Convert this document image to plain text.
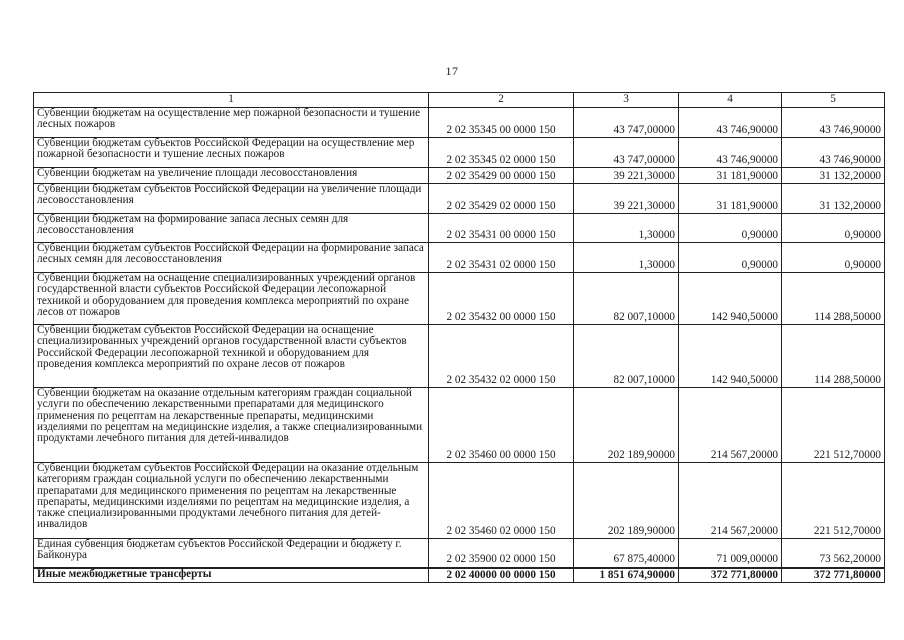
17
1	2	3	4	5
Субвенции бюджетам на осуществление мер пожарной безопасности и тушение лесных пожаров	2 02 35345 00 0000 150	43 747,00000	43 746,90000	43 746,90000
Субвенции бюджетам субъектов Российской Федерации на осуществление мер пожарной безопасности и тушение лесных пожаров	2 02 35345 02 0000 150	43 747,00000	43 746,90000	43 746,90000
Субвенции бюджетам на увеличение площади лесовосстановления	2 02 35429 00 0000 150	39 221,30000	31 181,90000	31 132,20000
Субвенции бюджетам субъектов Российской Федерации на увеличение площади лесовосстановления	2 02 35429 02 0000 150	39 221,30000	31 181,90000	31 132,20000
Субвенции бюджетам на формирование запаса лесных семян для лесовосстановления	2 02 35431 00 0000 150	1,30000	0,90000	0,90000
Субвенции бюджетам субъектов Российской Федерации на формирование запаса лесных семян для лесовосстановления	2 02 35431 02 0000 150	1,30000	0,90000	0,90000
Субвенции бюджетам на оснащение специализированных учреждений органов государственной власти субъектов Российской Федерации лесопожарной техникой и оборудованием для проведения комплекса мероприятий по охране лесов от пожаров	2 02 35432 00 0000 150	82 007,10000	142 940,50000	114 288,50000
Субвенции бюджетам субъектов Российской Федерации на оснащение специализированных учреждений органов государственной власти субъектов Российской Федерации лесопожарной техникой и оборудованием для проведения комплекса мероприятий по охране лесов от пожаров	2 02 35432 02 0000 150	82 007,10000	142 940,50000	114 288,50000
Субвенции бюджетам на оказание отдельным категориям граждан социальной услуги по обеспечению лекарственными препаратами для медицинского применения по рецептам на лекарственные препараты, медицинскими изделиями по рецептам на медицинские изделия, а также специализированными продуктами лечебного питания для детей-инвалидов	2 02 35460 00 0000 150	202 189,90000	214 567,20000	221 512,70000
Субвенции бюджетам субъектов Российской Федерации на оказание отдельным категориям граждан социальной услуги по обеспечению лекарственными препаратами для медицинского применения по рецептам на лекарственные препараты, медицинскими изделиями по рецептам на медицинские изделия, а также специализированными продуктами лечебного питания для детей-инвалидов	2 02 35460 02 0000 150	202 189,90000	214 567,20000	221 512,70000
Единая субвенция бюджетам субъектов Российской Федерации и бюджету г. Байконура	2 02 35900 02 0000 150	67 875,40000	71 009,00000	73 562,20000
Иные межбюджетные трансферты	2 02 40000 00 0000 150	1 851 674,90000	372 771,80000	372 771,80000
